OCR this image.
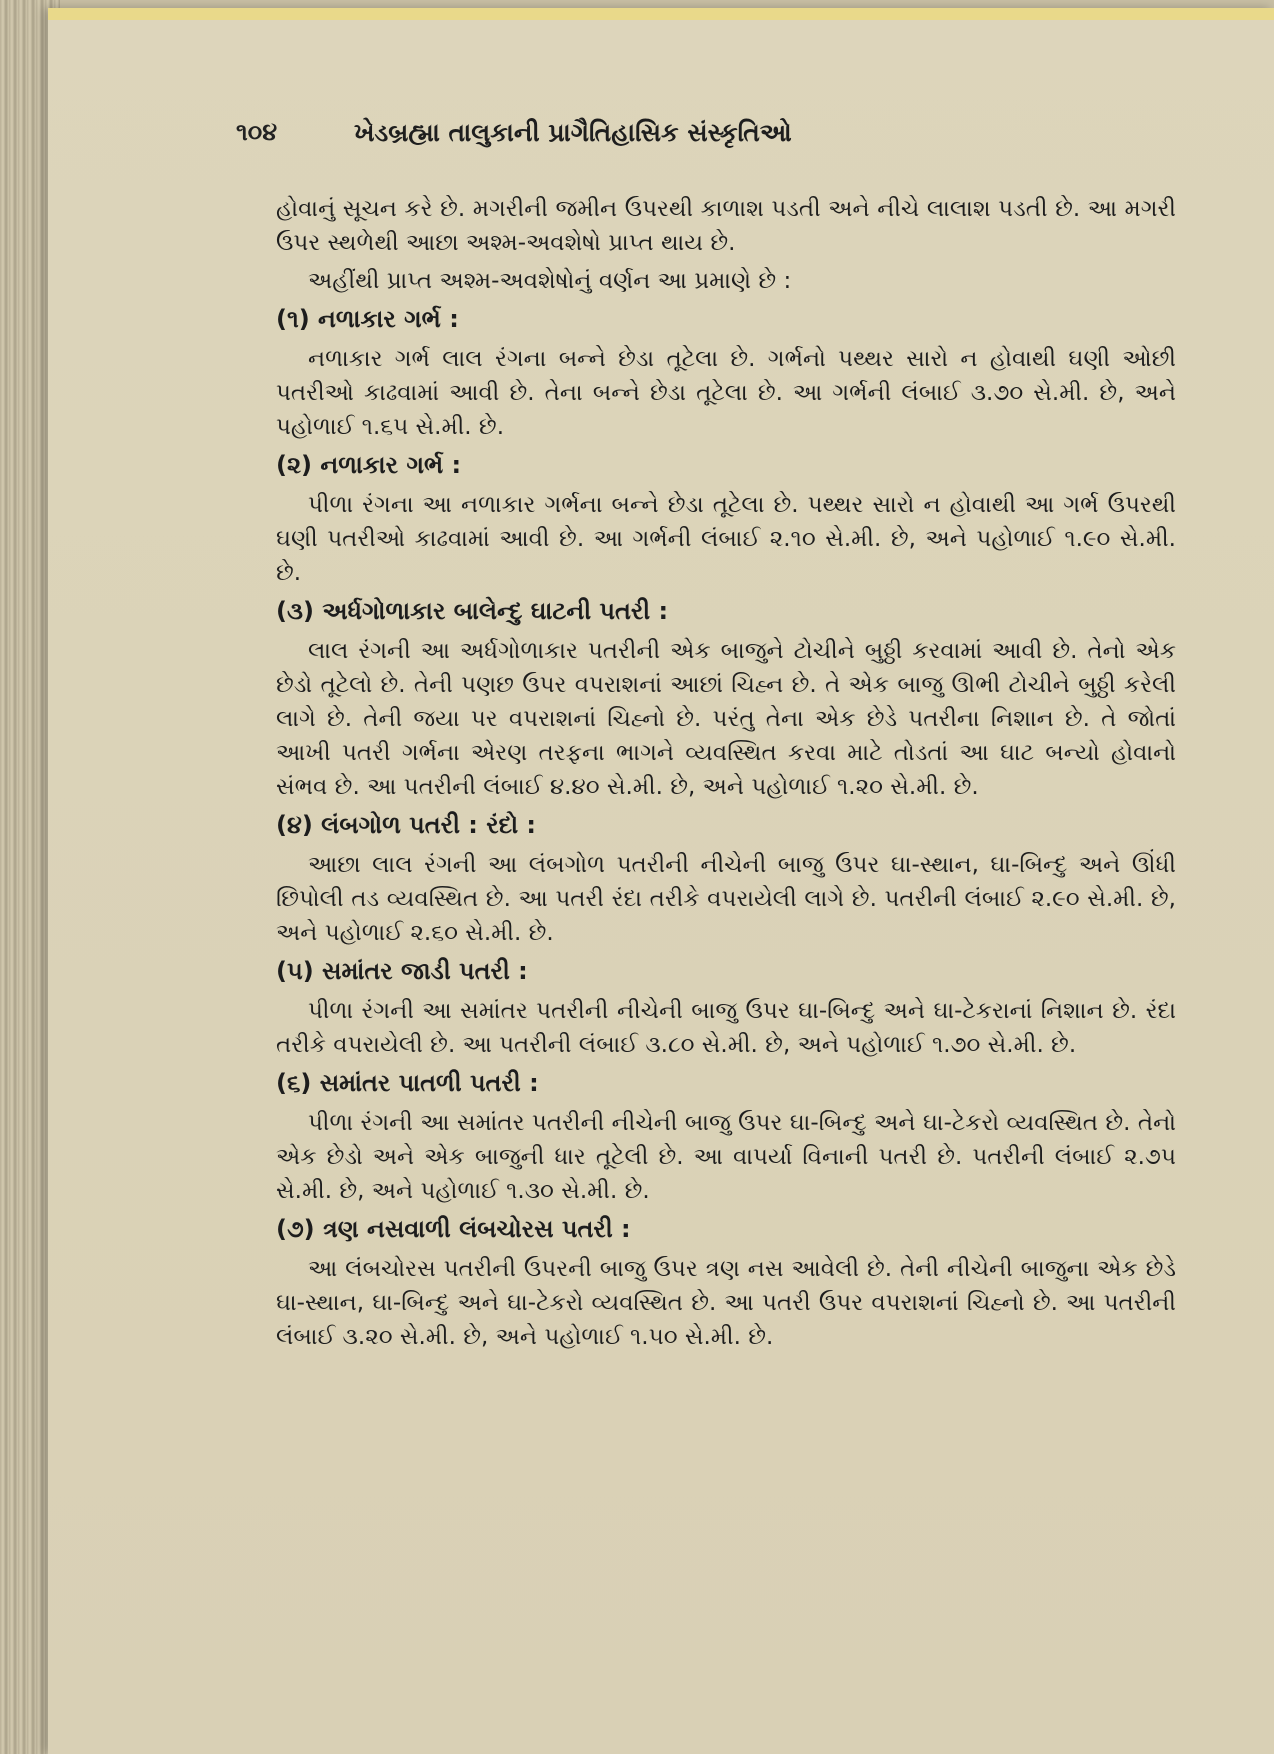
૧૦૪	ખેડબ્રહ્મા તાલુકાની પ્રાગૈતિહાસિક સંસ્કૃતિઓ

હોવાનું સૂચન કરે છે. મગરીની જમીન ઉપરથી કાળાશ પડતી અને નીચે લાલાશ પડતી છે. આ મગરી ઉપર સ્થળેથી આછા અશ્મ-અવશેષો પ્રાપ્ત થાય છે.

અહીંથી પ્રાપ્ત અશ્મ-અવશેષોનું વર્ણન આ પ્રમાણે છે :

(૧) નળાકાર ગર્ભ :

નળાકાર ગર્ભ લાલ રંગના બન્ને છેડા તૂટેલા છે. ગર્ભનો પથ્થર સારો ન હોવાથી ઘણી ઓછી પતરીઓ કાઢવામાં આવી છે. તેના બન્ને છેડા તૂટેલા છે. આ ગર્ભની લંબાઈ ૩.૭૦ સે.મી. છે, અને પહોળાઈ ૧.૬૫ સે.મી. છે.

(૨) નળાકાર ગર્ભ :

પીળા રંગના આ નળાકાર ગર્ભના બન્ને છેડા તૂટેલા છે. પથ્થર સારો ન હોવાથી આ ગર્ભ ઉપરથી ઘણી પતરીઓ કાઢવામાં આવી છે. આ ગર્ભની લંબાઈ ૨.૧૦ સે.મી. છે, અને પહોળાઈ ૧.૯૦ સે.મી. છે.

(૩) અર્ધગોળાકાર બાલેન્દુ ઘાટની પતરી :

લાલ રંગની આ અર્ધગોળાકાર પતરીની એક બાજુને ટોચીને બુઠ્ઠી કરવામાં આવી છે. તેનો એક છેડો તૂટેલો છે. તેની પણછ ઉપર વપરાશનાં આછાં ચિહ્ન છે. તે એક બાજુ ઊભી ટોચીને બુઠ્ઠી કરેલી લાગે છે. તેની જયા પર વપરાશનાં ચિહ્નો છે. પરંતુ તેના એક છેડે પતરીના નિશાન છે. તે જોતાં આખી પતરી ગર્ભના એરણ તરફના ભાગને વ્યવસ્થિત કરવા માટે તોડતાં આ ઘાટ બન્યો હોવાનો સંભવ છે. આ પતરીની લંબાઈ ૪.૪૦ સે.મી. છે, અને પહોળાઈ ૧.૨૦ સે.મી. છે.

(૪) લંબગોળ પતરી : રંદો :

આછા લાલ રંગની આ લંબગોળ પતરીની નીચેની બાજુ ઉપર ઘા-સ્થાન, ઘા-બિન્દુ અને ઊંધી છિપોલી તડ વ્યવસ્થિત છે. આ પતરી રંદા તરીકે વપરાયેલી લાગે છે. પતરીની લંબાઈ ૨.૯૦ સે.મી. છે, અને પહોળાઈ ૨.૬૦ સે.મી. છે.

(૫) સમાંતર જાડી પતરી :

પીળા રંગની આ સમાંતર પતરીની નીચેની બાજુ ઉપર ઘા-બિન્દુ અને ઘા-ટેકરાનાં નિશાન છે. રંદા તરીકે વપરાયેલી છે. આ પતરીની લંબાઈ ૩.૮૦ સે.મી. છે, અને પહોળાઈ ૧.૭૦ સે.મી. છે.

(૬) સમાંતર પાતળી પતરી :

પીળા રંગની આ સમાંતર પતરીની નીચેની બાજુ ઉપર ઘા-બિન્દુ અને ઘા-ટેકરો વ્યવસ્થિત છે. તેનો એક છેડો અને એક બાજુની ધાર તૂટેલી છે. આ વાપર્યા વિનાની પતરી છે. પતરીની લંબાઈ ૨.૭૫ સે.મી. છે, અને પહોળાઈ ૧.૩૦ સે.મી. છે.

(૭) ત્રણ નસવાળી લંબચોરસ પતરી :

આ લંબચોરસ પતરીની ઉપરની બાજુ ઉપર ત્રણ નસ આવેલી છે. તેની નીચેની બાજુના એક છેડે ઘા-સ્થાન, ઘા-બિન્દુ અને ઘા-ટેકરો વ્યવસ્થિત છે. આ પતરી ઉપર વપરાશનાં ચિહ્નો છે. આ પતરીની લંબાઈ ૩.૨૦ સે.મી. છે, અને પહોળાઈ ૧.૫૦ સે.મી. છે.
